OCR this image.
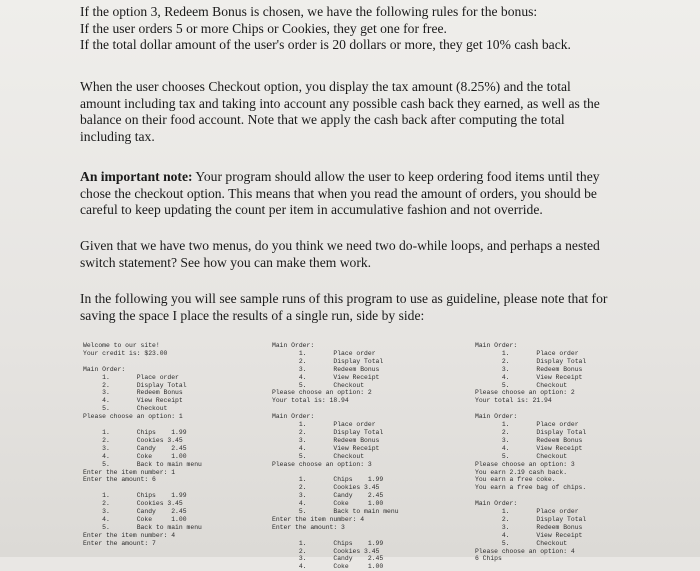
If the option 3, Redeem Bonus is chosen, we have the following rules for the bonus:
If the user orders 5 or more Chips or Cookies, they get one for free.
If the total dollar amount of the user's order is 20 dollars or more, they get 10% cash back.
When the user chooses Checkout option, you display the tax amount (8.25%) and the total
amount including tax and taking into account any possible cash back they earned, as well as the
balance on their food account. Note that we apply the cash back after computing the total
including tax.
An important note: Your program should allow the user to keep ordering food items until they
chose the checkout option. This means that when you read the amount of orders, you should be
careful to keep updating the count per item in accumulative fashion and not override.
Given that we have two menus, do you think we need two do-while loops, and perhaps a nested
switch statement? See how you can make them work.
In the following you will see sample runs of this program to use as guideline, please note that for
saving the space I place the results of a single run, side by side:
Welcome to our site!
Your credit is: $23.00

Main Order:
1.       Place order
2.       Display Total
3.       Redeem Bonus
4.       View Receipt
5.       Checkout
Please choose an option: 1

1.       Chips    1.99
2.       Cookies 3.45
3.       Candy    2.45
4.       Coke     1.00
5.       Back to main menu
Enter the item number: 1
Enter the amount: 6

1.       Chips    1.99
2.       Cookies 3.45
3.       Candy    2.45
4.       Coke     1.00
5.       Back to main menu
Enter the item number: 4
Enter the amount: 7
Main Order:
1.       Place order
2.       Display Total
3.       Redeem Bonus
4.       View Receipt
5.       Checkout
Please choose an option: 2
Your total is: 18.94

Main Order:
1.       Place order
2.       Display Total
3.       Redeem Bonus
4.       View Receipt
5.       Checkout
Please choose an option: 3

1.       Chips    1.99
2.       Cookies 3.45
3.       Candy    2.45
4.       Coke     1.00
5.       Back to main menu
Enter the item number: 4
Enter the amount: 3

1.       Chips    1.99
2.       Cookies 3.45
3.       Candy    2.45
4.       Coke     1.00
Main Order:
1.       Place order
2.       Display Total
3.       Redeem Bonus
4.       View Receipt
5.       Checkout
Please choose an option: 2
Your total is: 21.94

Main Order:
1.       Place order
2.       Display Total
3.       Redeem Bonus
4.       View Receipt
5.       Checkout
Please choose an option: 3
You earn 2.19 cash back.
You earn a free coke.
You earn a free bag of chips.

Main Order:
1.       Place order
2.       Display Total
3.       Redeem Bonus
4.       View Receipt
5.       Checkout
Please choose an option: 4
6 Chips
